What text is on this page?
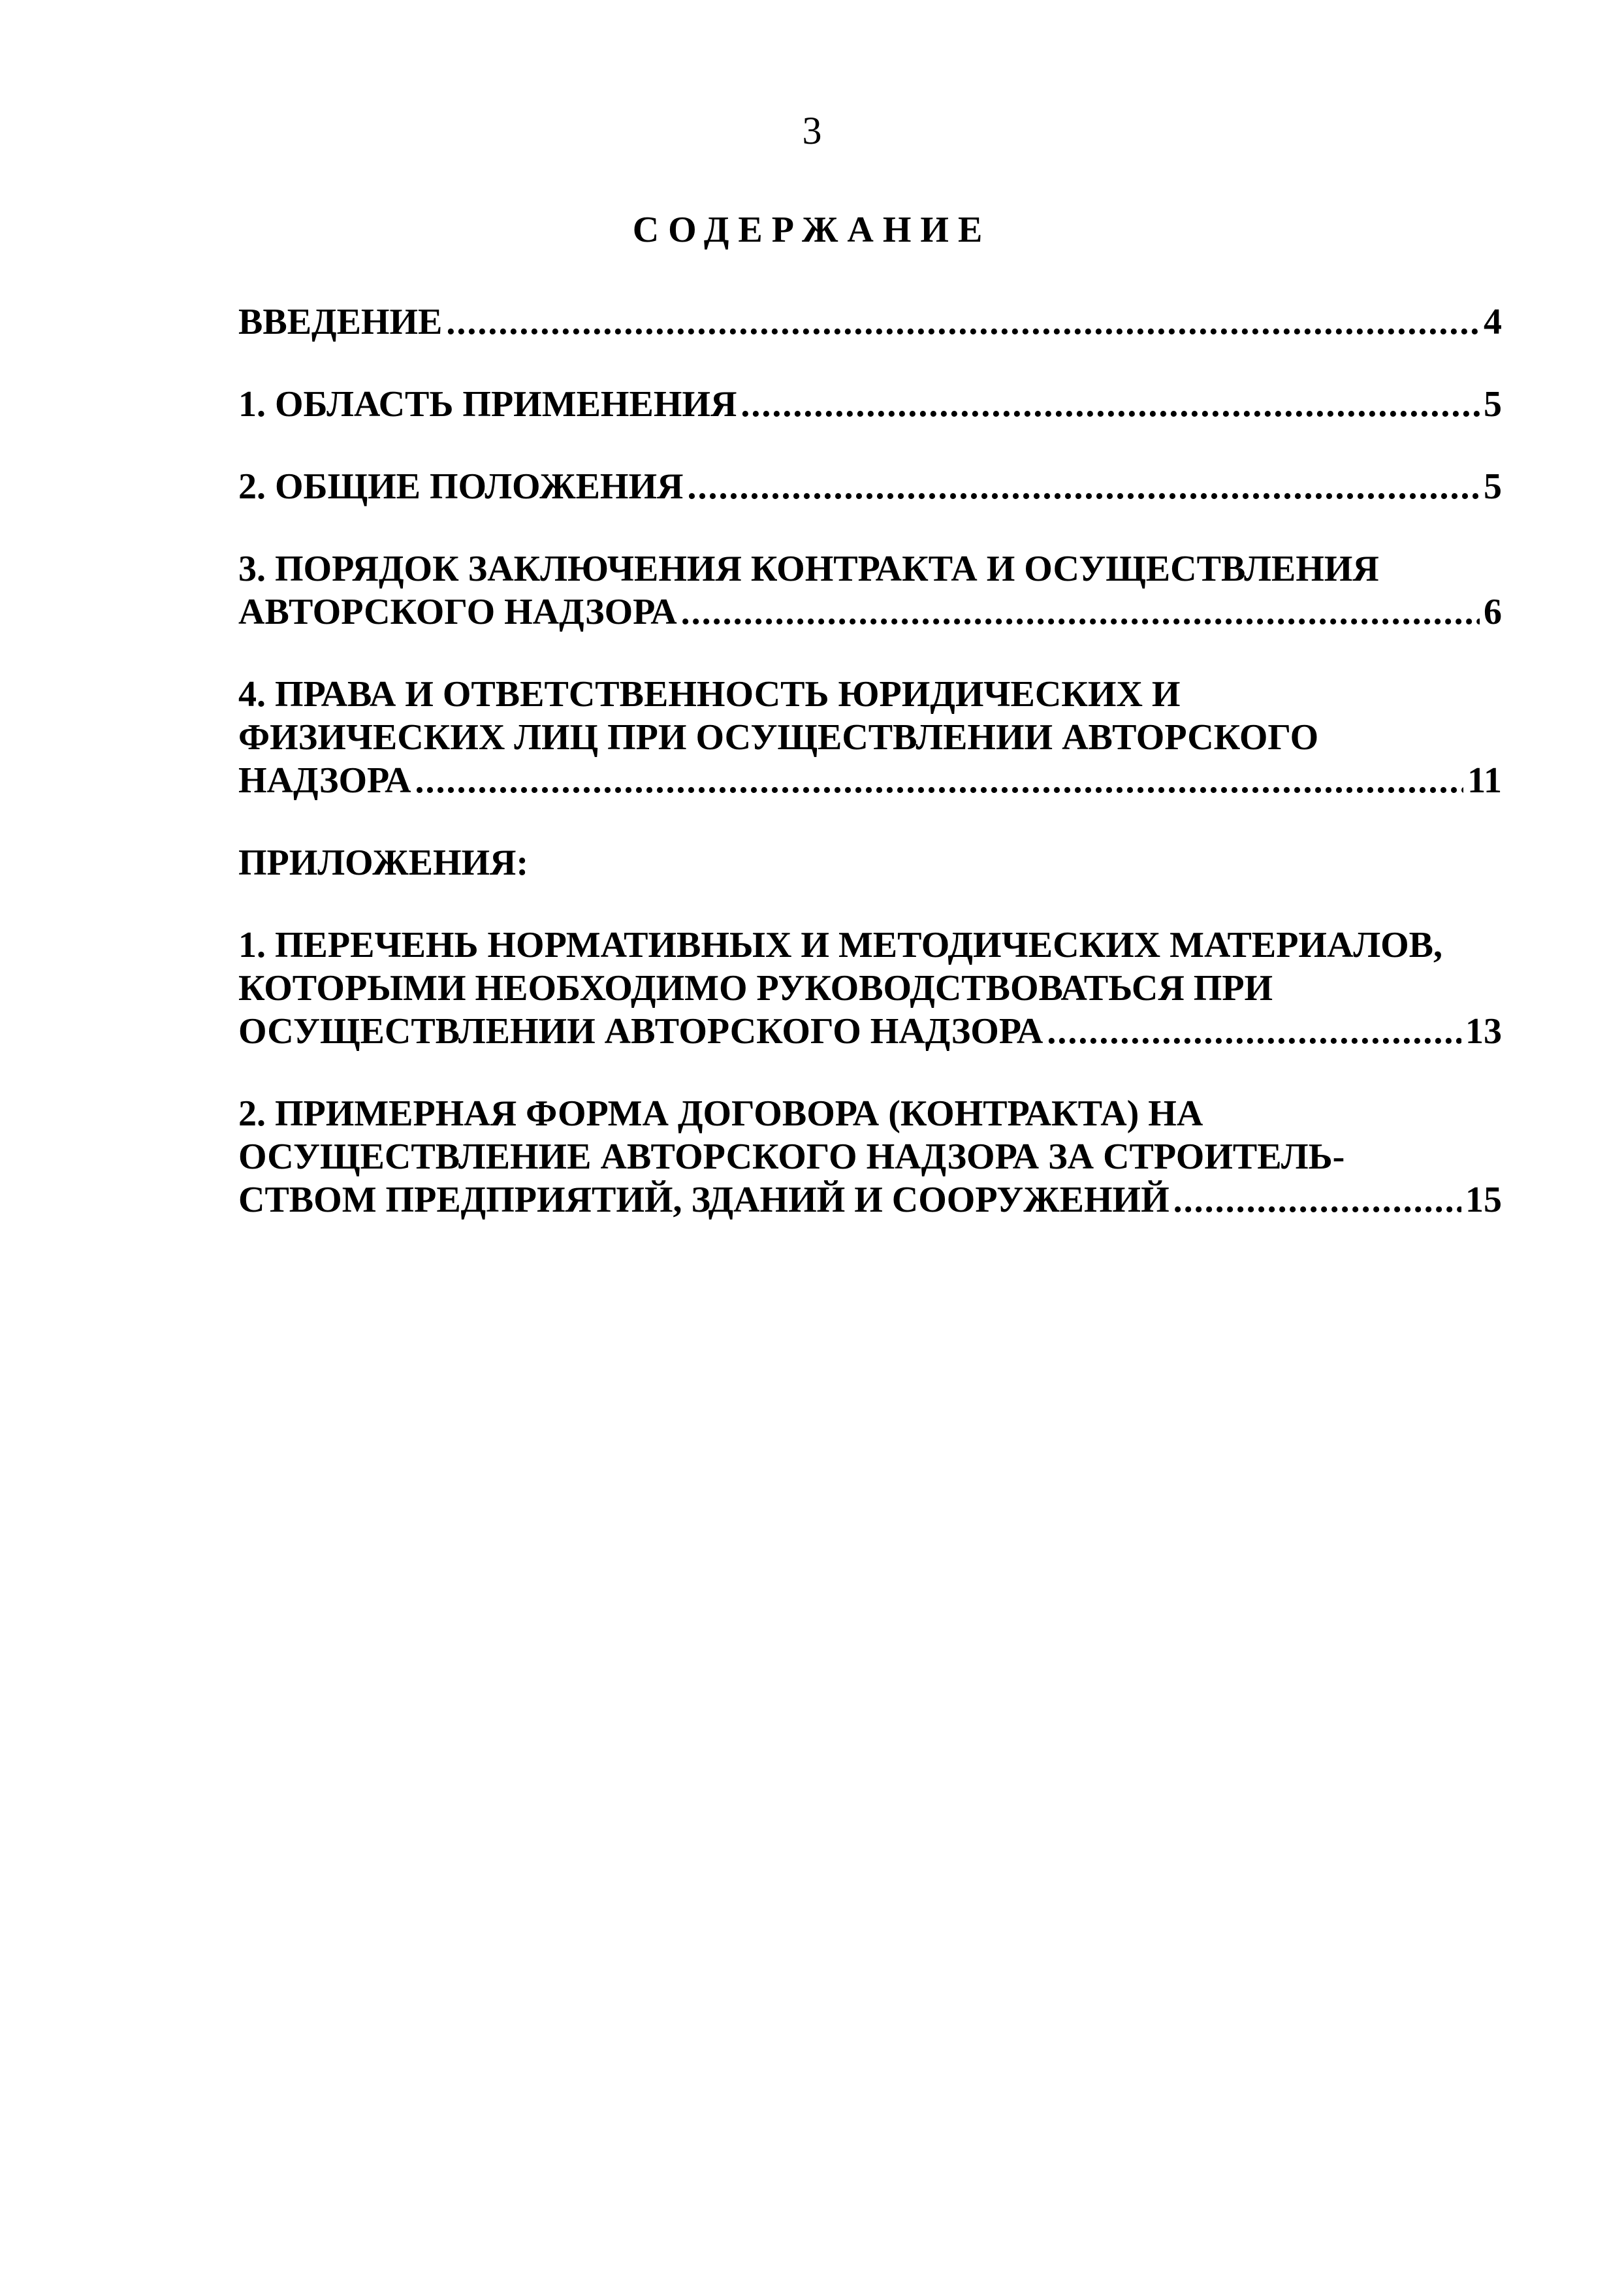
3
СОДЕРЖАНИЕ
ВВЕДЕНИЕ .....	4
1. ОБЛАСТЬ ПРИМЕНЕНИЯ .....	5
2. ОБЩИЕ ПОЛОЖЕНИЯ .....	5
3. ПОРЯДОК ЗАКЛЮЧЕНИЯ КОНТРАКТА И ОСУЩЕСТВЛЕНИЯ
АВТОРСКОГО НАДЗОРА .....	6
4. ПРАВА И ОТВЕТСТВЕННОСТЬ ЮРИДИЧЕСКИХ И
ФИЗИЧЕСКИХ ЛИЦ ПРИ ОСУЩЕСТВЛЕНИИ АВТОРСКОГО
НАДЗОРА .....	11
ПРИЛОЖЕНИЯ:
1. ПЕРЕЧЕНЬ НОРМАТИВНЫХ И МЕТОДИЧЕСКИХ МАТЕРИАЛОВ,
КОТОРЫМИ НЕОБХОДИМО РУКОВОДСТВОВАТЬСЯ ПРИ
ОСУЩЕСТВЛЕНИИ АВТОРСКОГО НАДЗОРА .....	13
2. ПРИМЕРНАЯ ФОРМА ДОГОВОРА (КОНТРАКТА) НА
ОСУЩЕСТВЛЕНИЕ АВТОРСКОГО НАДЗОРА ЗА СТРОИТЕЛЬ-
СТВОМ ПРЕДПРИЯТИЙ, ЗДАНИЙ И СООРУЖЕНИЙ .....	15
